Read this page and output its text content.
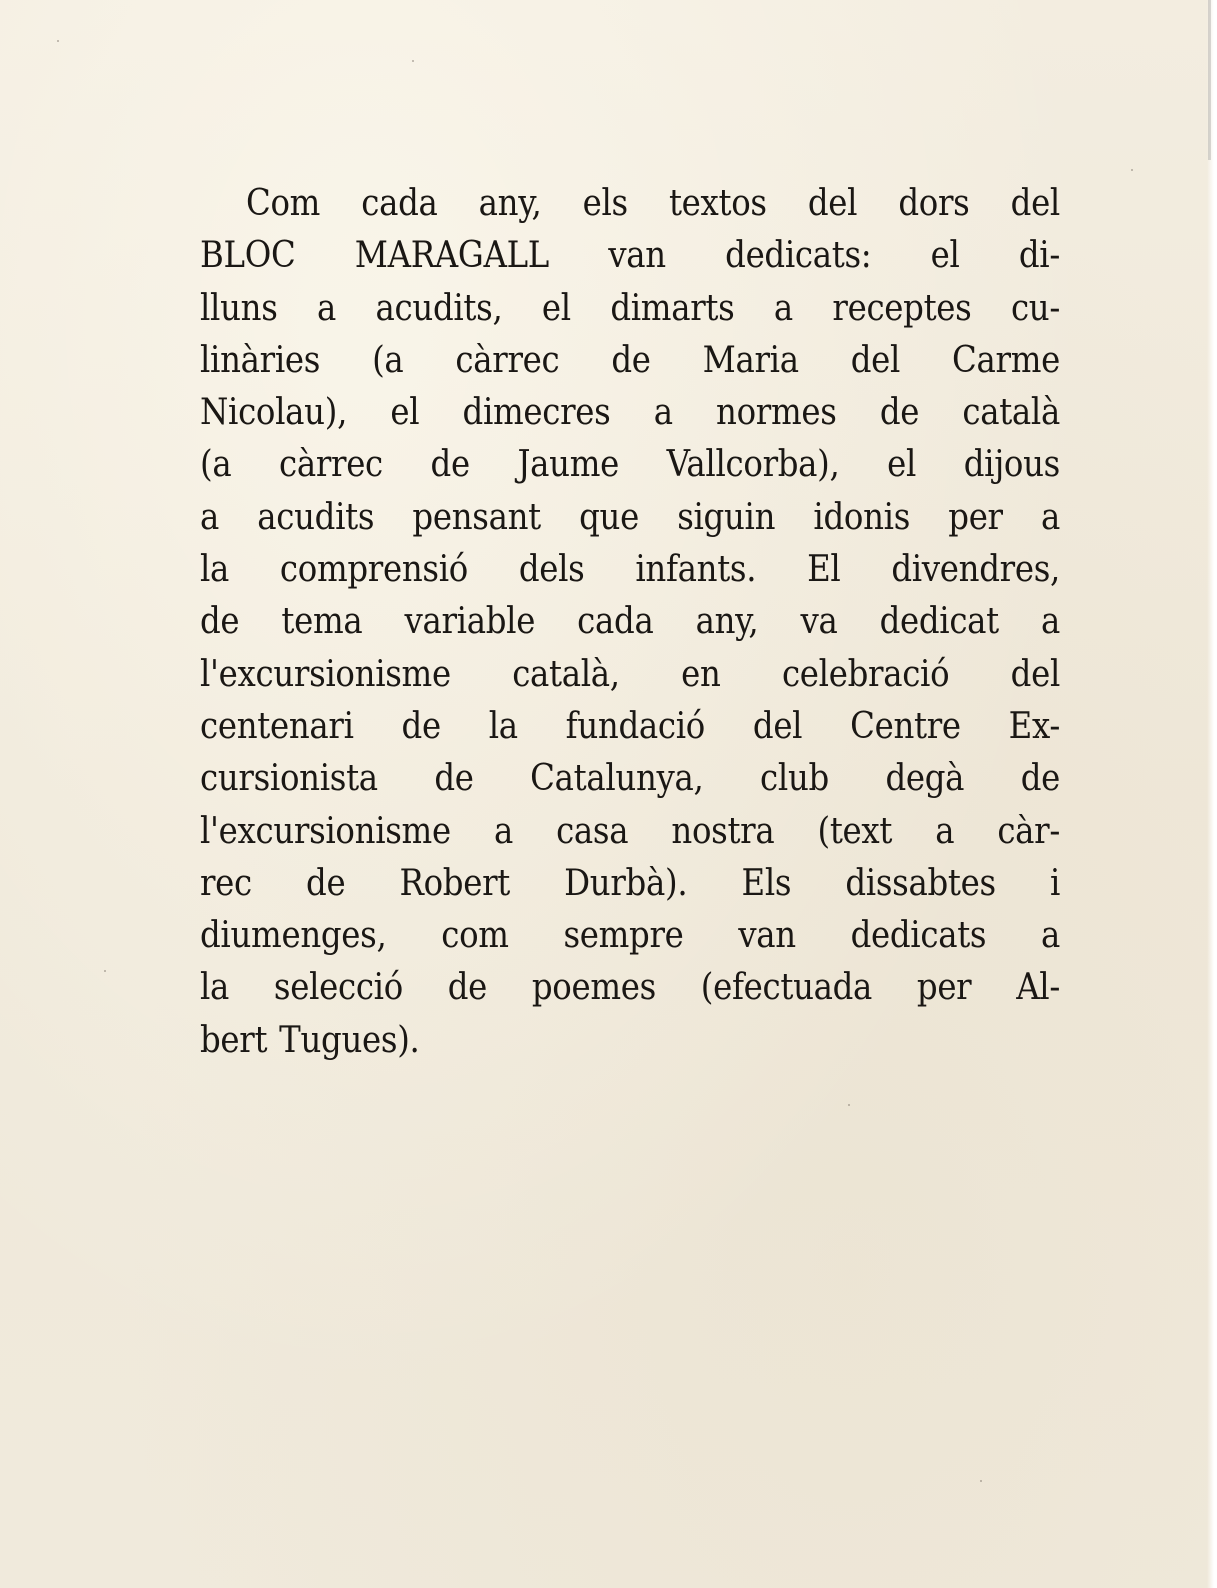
Com cada any, els textos del dors del
BLOC MARAGALL van dedicats: el di-
lluns a acudits, el dimarts a receptes cu-
linàries (a càrrec de Maria del Carme
Nicolau), el dimecres a normes de català
(a càrrec de Jaume Vallcorba), el dijous
a acudits pensant que siguin idonis per a
la comprensió dels infants. El divendres,
de tema variable cada any, va dedicat a
l'excursionisme català, en celebració del
centenari de la fundació del Centre Ex-
cursionista de Catalunya, club degà de
l'excursionisme a casa nostra (text a càr-
rec de Robert Durbà). Els dissabtes i
diumenges, com sempre van dedicats a
la selecció de poemes (efectuada per Al-
bert Tugues).
